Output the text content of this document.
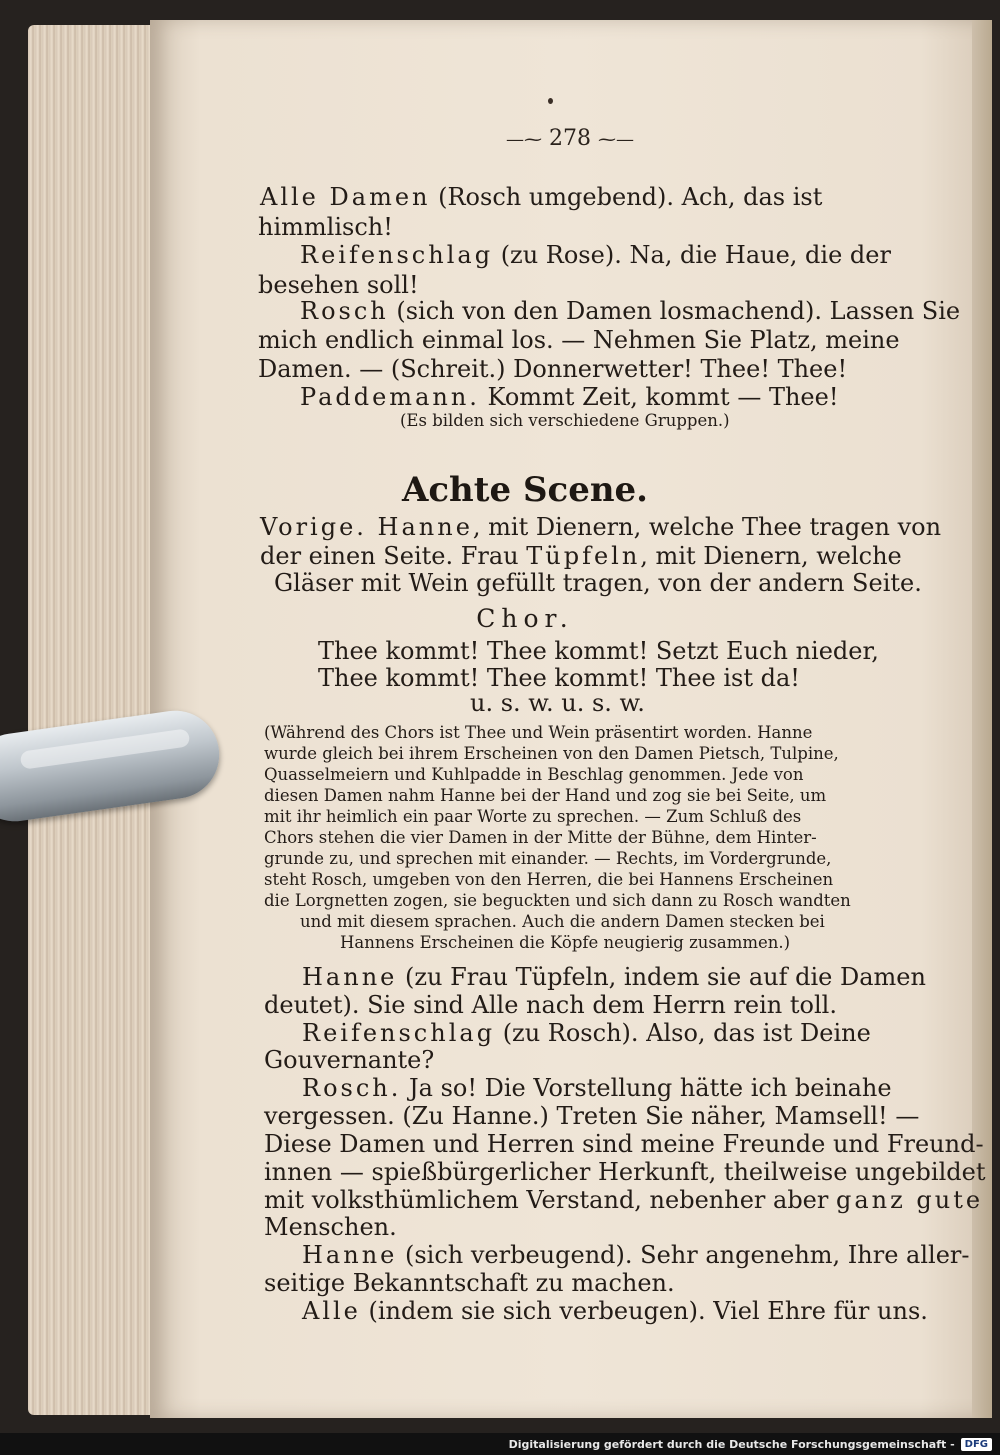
—⁓ 278 ⁓—
Alle Damen (Rosch umgebend). Ach, das ist
himmlisch!
Reifenschlag (zu Rose). Na, die Haue, die der
besehen soll!
Rosch (sich von den Damen losmachend). Lassen Sie
mich endlich einmal los. — Nehmen Sie Platz, meine
Damen. — (Schreit.) Donnerwetter! Thee! Thee!
Paddemann. Kommt Zeit, kommt — Thee!
(Es bilden sich verschiedene Gruppen.)
Achte Scene.
Vorige. Hanne, mit Dienern, welche Thee tragen von
der einen Seite. Frau Tüpfeln, mit Dienern, welche
Gläser mit Wein gefüllt tragen, von der andern Seite.
Chor.
Thee kommt! Thee kommt! Setzt Euch nieder,
Thee kommt! Thee kommt! Thee ist da!
u. s. w. u. s. w.
(Während des Chors ist Thee und Wein präsentirt worden. Hanne
wurde gleich bei ihrem Erscheinen von den Damen Pietsch, Tulpine,
Quasselmeiern und Kuhlpadde in Beschlag genommen. Jede von
diesen Damen nahm Hanne bei der Hand und zog sie bei Seite, um
mit ihr heimlich ein paar Worte zu sprechen. — Zum Schluß des
Chors stehen die vier Damen in der Mitte der Bühne, dem Hinter-
grunde zu, und sprechen mit einander. — Rechts, im Vordergrunde,
steht Rosch, umgeben von den Herren, die bei Hannens Erscheinen
die Lorgnetten zogen, sie beguckten und sich dann zu Rosch wandten
und mit diesem sprachen. Auch die andern Damen stecken bei
Hannens Erscheinen die Köpfe neugierig zusammen.)
Hanne (zu Frau Tüpfeln, indem sie auf die Damen
deutet). Sie sind Alle nach dem Herrn rein toll.
Reifenschlag (zu Rosch). Also, das ist Deine
Gouvernante?
Rosch. Ja so! Die Vorstellung hätte ich beinahe
vergessen. (Zu Hanne.) Treten Sie näher, Mamsell! —
Diese Damen und Herren sind meine Freunde und Freund-
innen — spießbürgerlicher Herkunft, theilweise ungebildet
mit volksthümlichem Verstand, nebenher aber ganz gute
Menschen.
Hanne (sich verbeugend). Sehr angenehm, Ihre aller-
seitige Bekanntschaft zu machen.
Alle (indem sie sich verbeugen). Viel Ehre für uns.
Digitalisierung gefördert durch die Deutsche Forschungsgemeinschaft -	DFG
